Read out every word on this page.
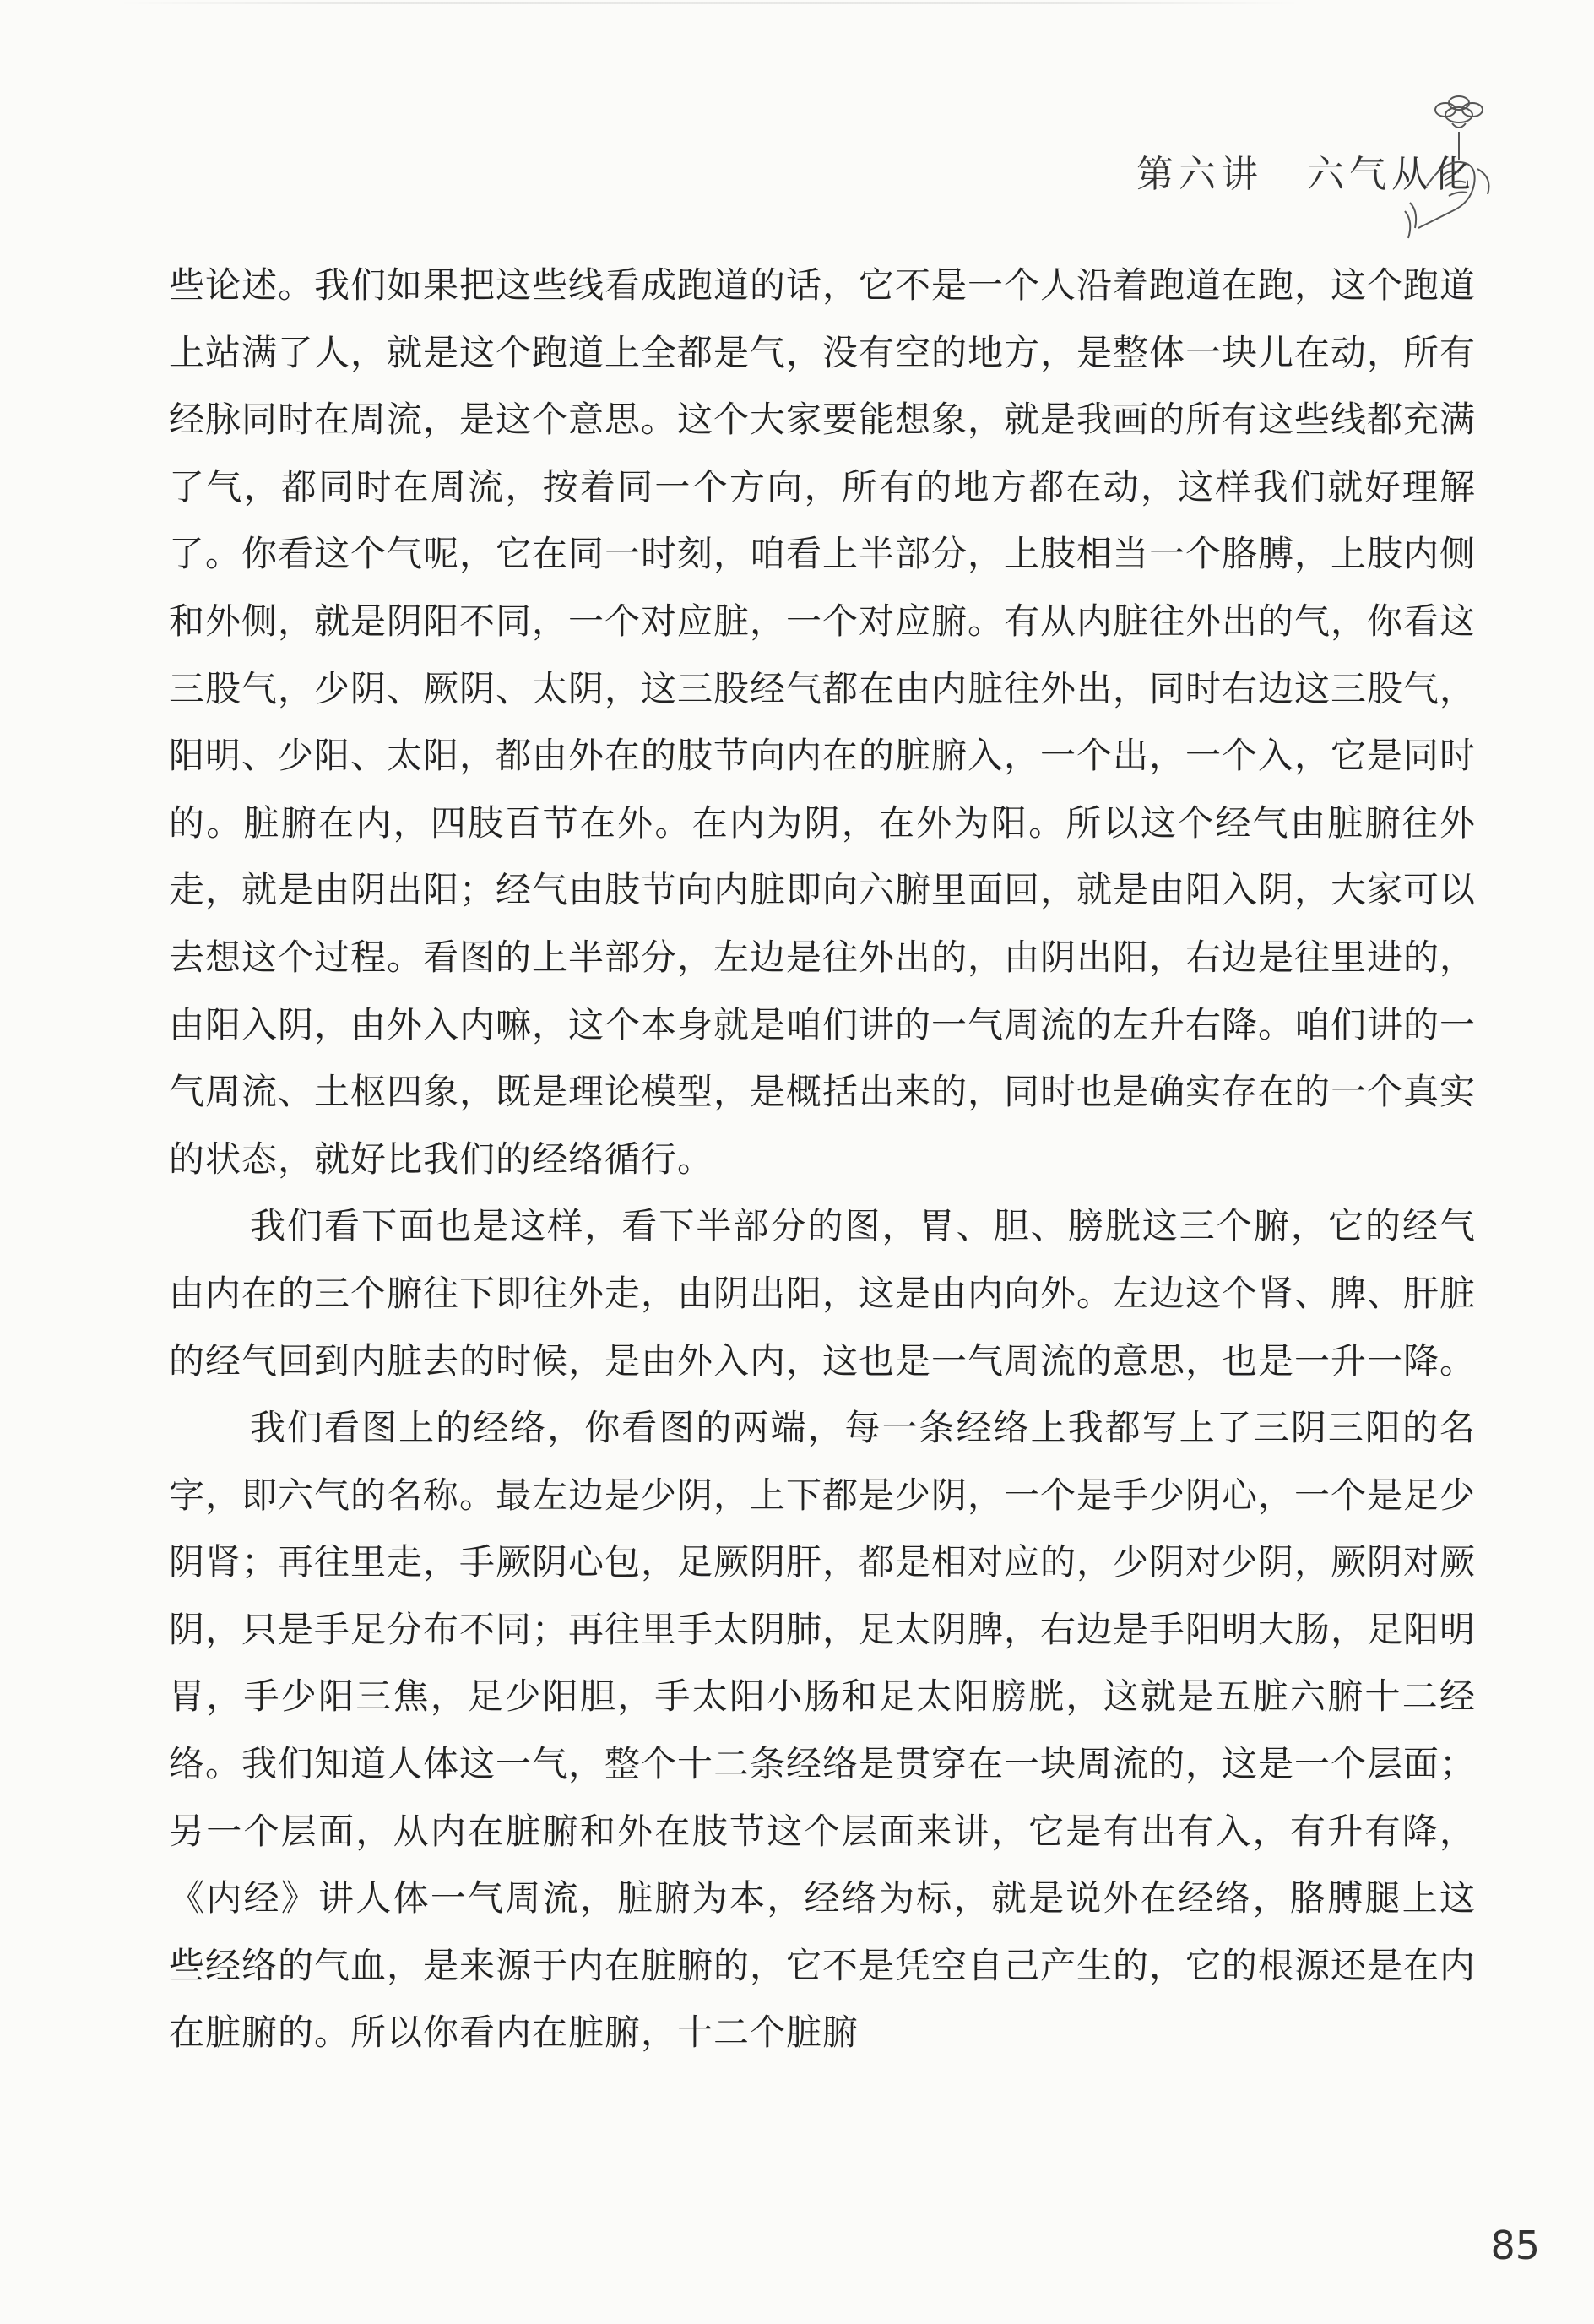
第六讲 六气从化

些论述。我们如果把这些线看成跑道的话，它不是一个人沿着跑道在跑，这个跑道上站满了人，就是这个跑道上全都是气，没有空的地方，是整体一块儿在动，所有经脉同时在周流，是这个意思。这个大家要能想象，就是我画的所有这些线都充满了气，都同时在周流，按着同一个方向，所有的地方都在动，这样我们就好理解了。你看这个气呢，它在同一时刻，咱看上半部分，上肢相当一个胳膊，上肢内侧和外侧，就是阴阳不同，一个对应脏，一个对应腑。有从内脏往外出的气，你看这三股气，少阴、厥阴、太阴，这三股经气都在由内脏往外出，同时右边这三股气，阳明、少阳、太阳，都由外在的肢节向内在的脏腑入，一个出，一个入，它是同时的。脏腑在内，四肢百节在外。在内为阴，在外为阳。所以这个经气由脏腑往外走，就是由阴出阳；经气由肢节向内脏即向六腑里面回，就是由阳入阴，大家可以去想这个过程。看图的上半部分，左边是往外出的，由阴出阳，右边是往里进的，由阳入阴，由外入内嘛，这个本身就是咱们讲的一气周流的左升右降。咱们讲的一气周流、土枢四象，既是理论模型，是概括出来的，同时也是确实存在的一个真实的状态，就好比我们的经络循行。

我们看下面也是这样，看下半部分的图，胃、胆、膀胱这三个腑，它的经气由内在的三个腑往下即往外走，由阴出阳，这是由内向外。左边这个肾、脾、肝脏的经气回到内脏去的时候，是由外入内，这也是一气周流的意思，也是一升一降。

我们看图上的经络，你看图的两端，每一条经络上我都写上了三阴三阳的名字，即六气的名称。最左边是少阴，上下都是少阴，一个是手少阴心，一个是足少阴肾；再往里走，手厥阴心包，足厥阴肝，都是相对应的，少阴对少阴，厥阴对厥阴，只是手足分布不同；再往里手太阴肺，足太阴脾，右边是手阳明大肠，足阳明胃，手少阳三焦，足少阳胆，手太阳小肠和足太阳膀胱，这就是五脏六腑十二经络。我们知道人体这一气，整个十二条经络是贯穿在一块周流的，这是一个层面；另一个层面，从内在脏腑和外在肢节这个层面来讲，它是有出有入，有升有降，《内经》讲人体一气周流，脏腑为本，经络为标，就是说外在经络，胳膊腿上这些经络的气血，是来源于内在脏腑的，它不是凭空自己产生的，它的根源还是在内在脏腑的。所以你看内在脏腑，十二个脏腑

85
